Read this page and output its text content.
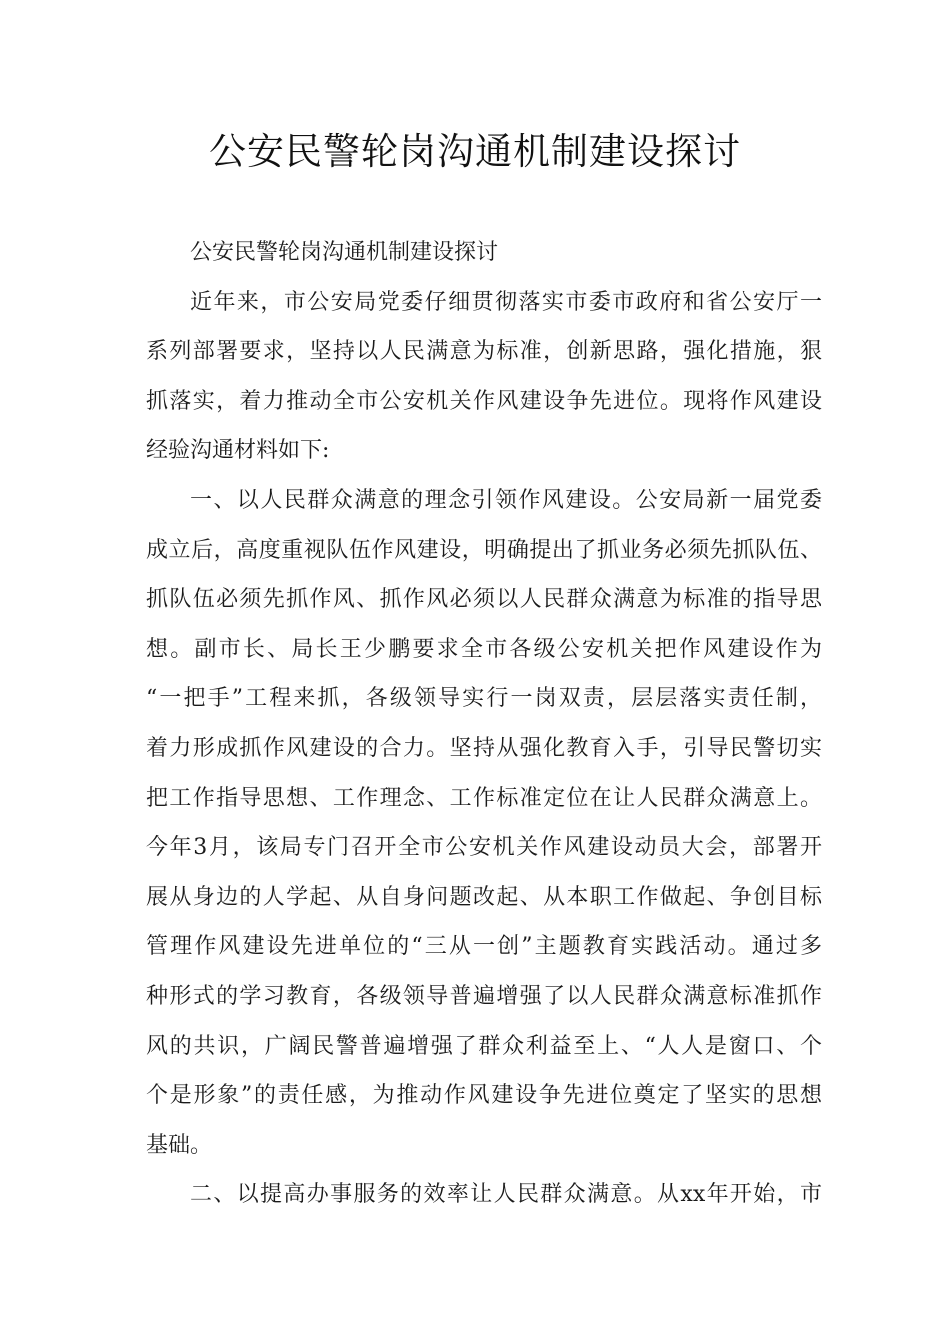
公安民警轮岗沟通机制建设探讨
公安民警轮岗沟通机制建设探讨
近年来，市公安局党委仔细贯彻落实市委市政府和省公安厅一
系列部署要求，坚持以人民满意为标准，创新思路，强化措施，狠
抓落实，着力推动全市公安机关作风建设争先进位。现将作风建设
经验沟通材料如下:
一、以人民群众满意的理念引领作风建设。公安局新一届党委
成立后，高度重视队伍作风建设，明确提出了抓业务必须先抓队伍、
抓队伍必须先抓作风、抓作风必须以人民群众满意为标准的指导思
想。副市长、局长王少鹏要求全市各级公安机关把作风建设作为
“一把手”工程来抓，各级领导实行一岗双责，层层落实责任制，
着力形成抓作风建设的合力。坚持从强化教育入手，引导民警切实
把工作指导思想、工作理念、工作标准定位在让人民群众满意上。
今年3月，该局专门召开全市公安机关作风建设动员大会，部署开
展从身边的人学起、从自身问题改起、从本职工作做起、争创目标
管理作风建设先进单位的“三从一创”主题教育实践活动。通过多
种形式的学习教育，各级领导普遍增强了以人民群众满意标准抓作
风的共识，广阔民警普遍增强了群众利益至上、“人人是窗口、个
个是形象”的责任感，为推动作风建设争先进位奠定了坚实的思想
基础。
二、以提高办事服务的效率让人民群众满意。从xx年开始，市
